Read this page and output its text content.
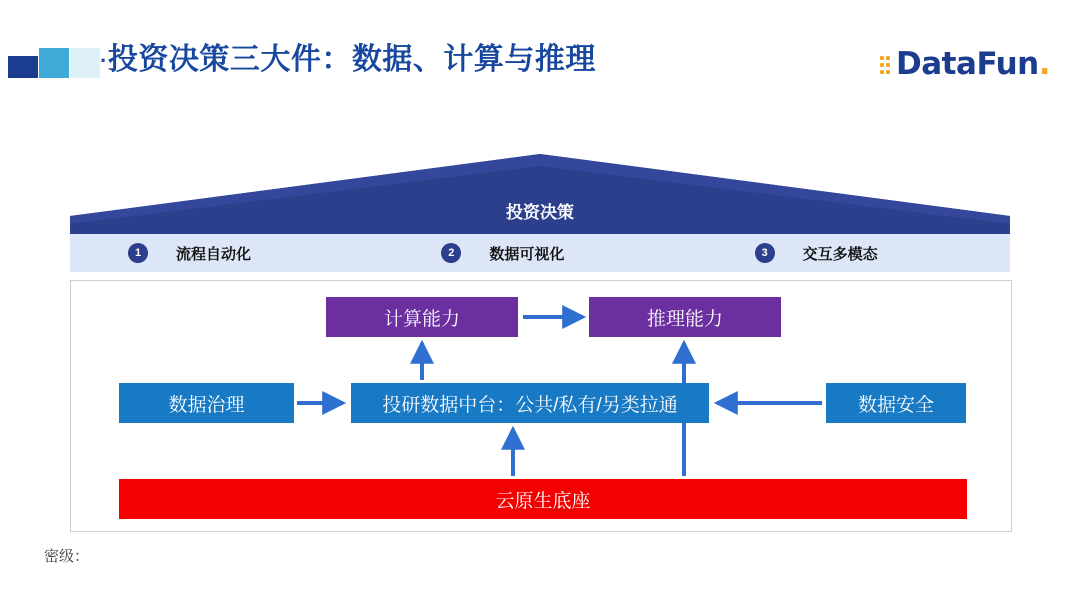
·投资决策三大件：数据、计算与推理	DataFun.
投资决策
1	流程自动化	2	数据可视化	3	交互多模态
计算能力	推理能力
数据治理	投研数据中台：公共/私有/另类拉通	数据安全
云原生底座
密级：
